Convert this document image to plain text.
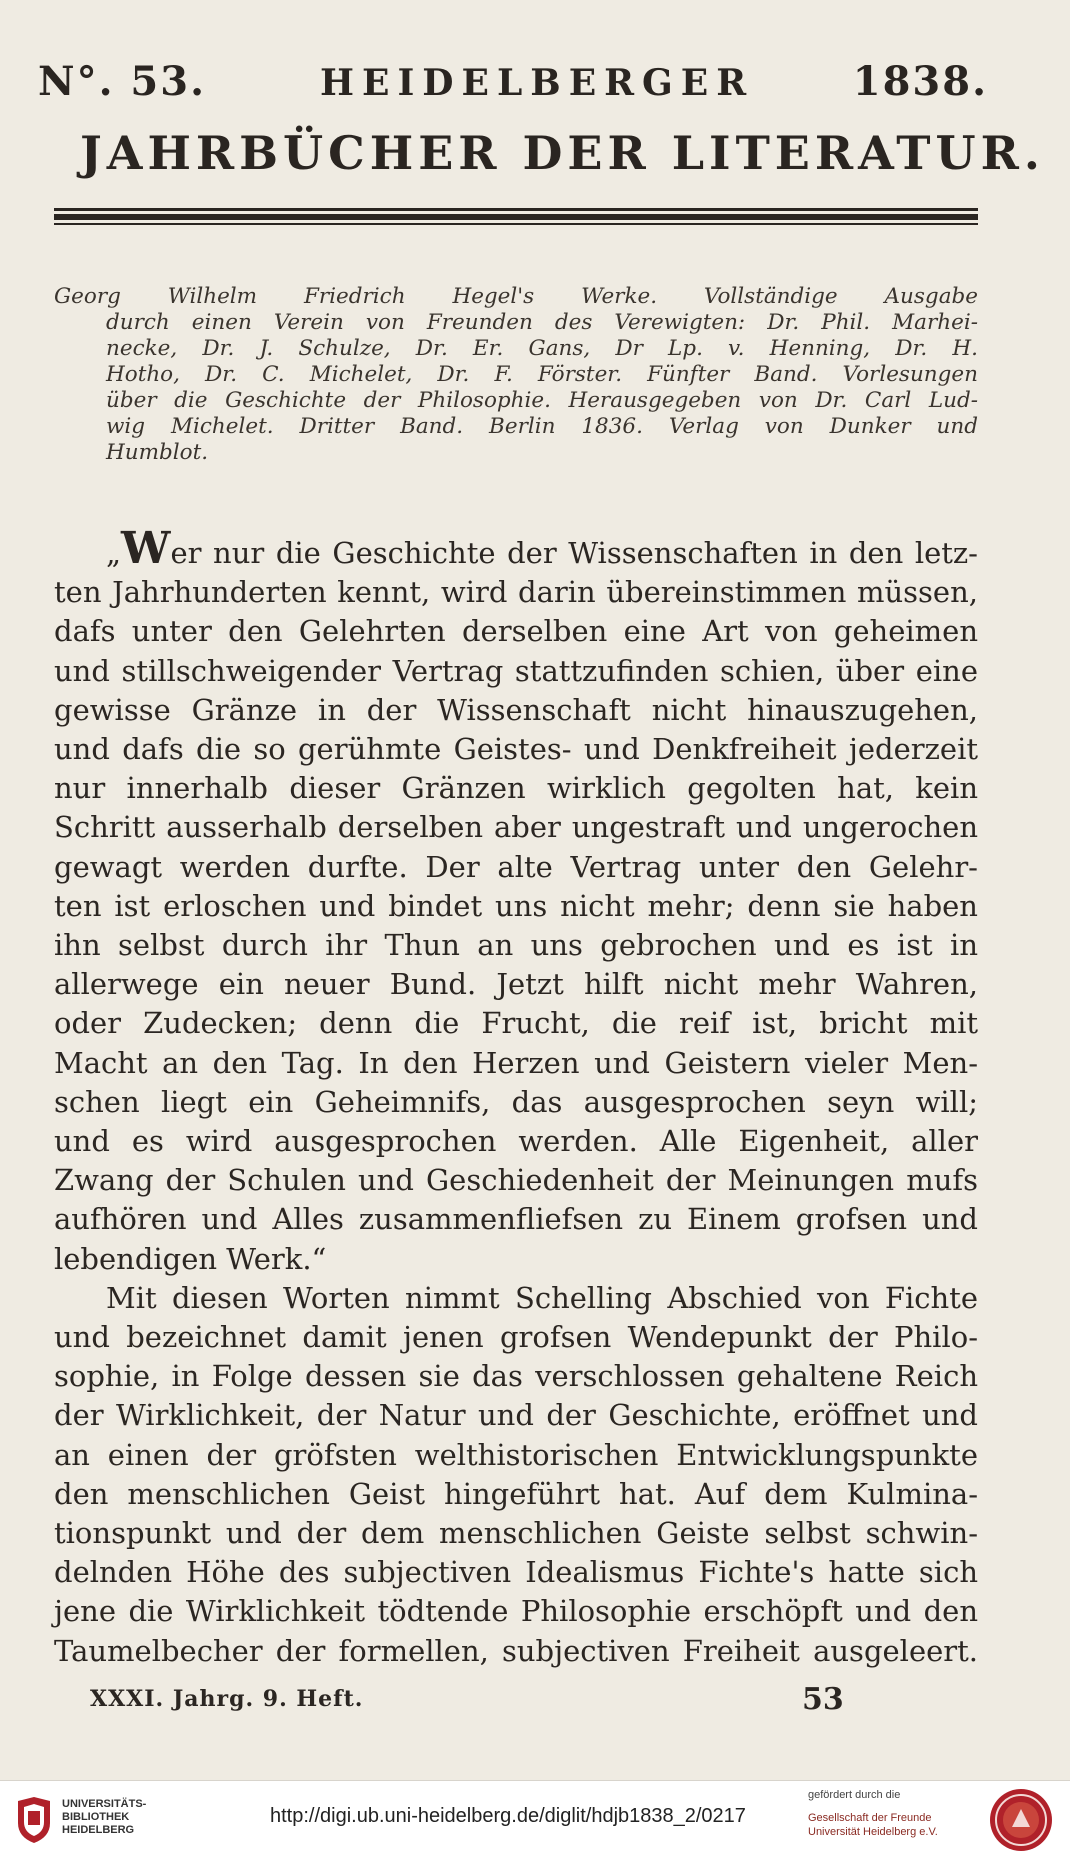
N°. 53.	HEIDELBERGER 1838.
JAHRBÜCHER DER LITERATUR.
Georg Wilhelm Friedrich Hegel's Werke. Vollständige Ausgabe
durch einen Verein von Freunden des Verewigten: Dr. Phil. Marhei-
necke, Dr. J. Schulze, Dr. Er. Gans, Dr Lp. v. Henning, Dr. H.
Hotho, Dr. C. Michelet, Dr. F. Förster. Fünfter Band. Vorlesungen
über die Geschichte der Philosophie. Herausgegeben von Dr. Carl Lud-
wig Michelet. Dritter Band. Berlin 1836. Verlag von Dunker und
Humblot.
„Wer nur die Geschichte der Wissenschaften in den letz-
ten Jahrhunderten kennt, wird darin übereinstimmen müssen,
dafs unter den Gelehrten derselben eine Art von geheimen
und stillschweigender Vertrag stattzufinden schien, über eine
gewisse Gränze in der Wissenschaft nicht hinauszugehen,
und dafs die so gerühmte Geistes- und Denkfreiheit jederzeit
nur innerhalb dieser Gränzen wirklich gegolten hat, kein
Schritt ausserhalb derselben aber ungestraft und ungerochen
gewagt werden durfte. Der alte Vertrag unter den Gelehr-
ten ist erloschen und bindet uns nicht mehr; denn sie haben
ihn selbst durch ihr Thun an uns gebrochen und es ist in
allerwege ein neuer Bund. Jetzt hilft nicht mehr Wahren,
oder Zudecken; denn die Frucht, die reif ist, bricht mit
Macht an den Tag. In den Herzen und Geistern vieler Men-
schen liegt ein Geheimnifs, das ausgesprochen seyn will;
und es wird ausgesprochen werden. Alle Eigenheit, aller
Zwang der Schulen und Geschiedenheit der Meinungen mufs
aufhören und Alles zusammenfliefsen zu Einem grofsen und
lebendigen Werk.“
Mit diesen Worten nimmt Schelling Abschied von Fichte
und bezeichnet damit jenen grofsen Wendepunkt der Philo-
sophie, in Folge dessen sie das verschlossen gehaltene Reich
der Wirklichkeit, der Natur und der Geschichte, eröffnet und
an einen der gröfsten welthistorischen Entwicklungspunkte
den menschlichen Geist hingeführt hat. Auf dem Kulmina-
tionspunkt und der dem menschlichen Geiste selbst schwin-
delnden Höhe des subjectiven Idealismus Fichte's hatte sich
jene die Wirklichkeit tödtende Philosophie erschöpft und den
Taumelbecher der formellen, subjectiven Freiheit ausgeleert.
XXXI. Jahrg. 9. Heft.	53
UNIVERSITÄTS-
BIBLIOTHEK
HEIDELBERG
http://digi.ub.uni-heidelberg.de/diglit/hdjb1838_2/0217
gefördert durch die
Gesellschaft der Freunde
Universität Heidelberg e.V.
